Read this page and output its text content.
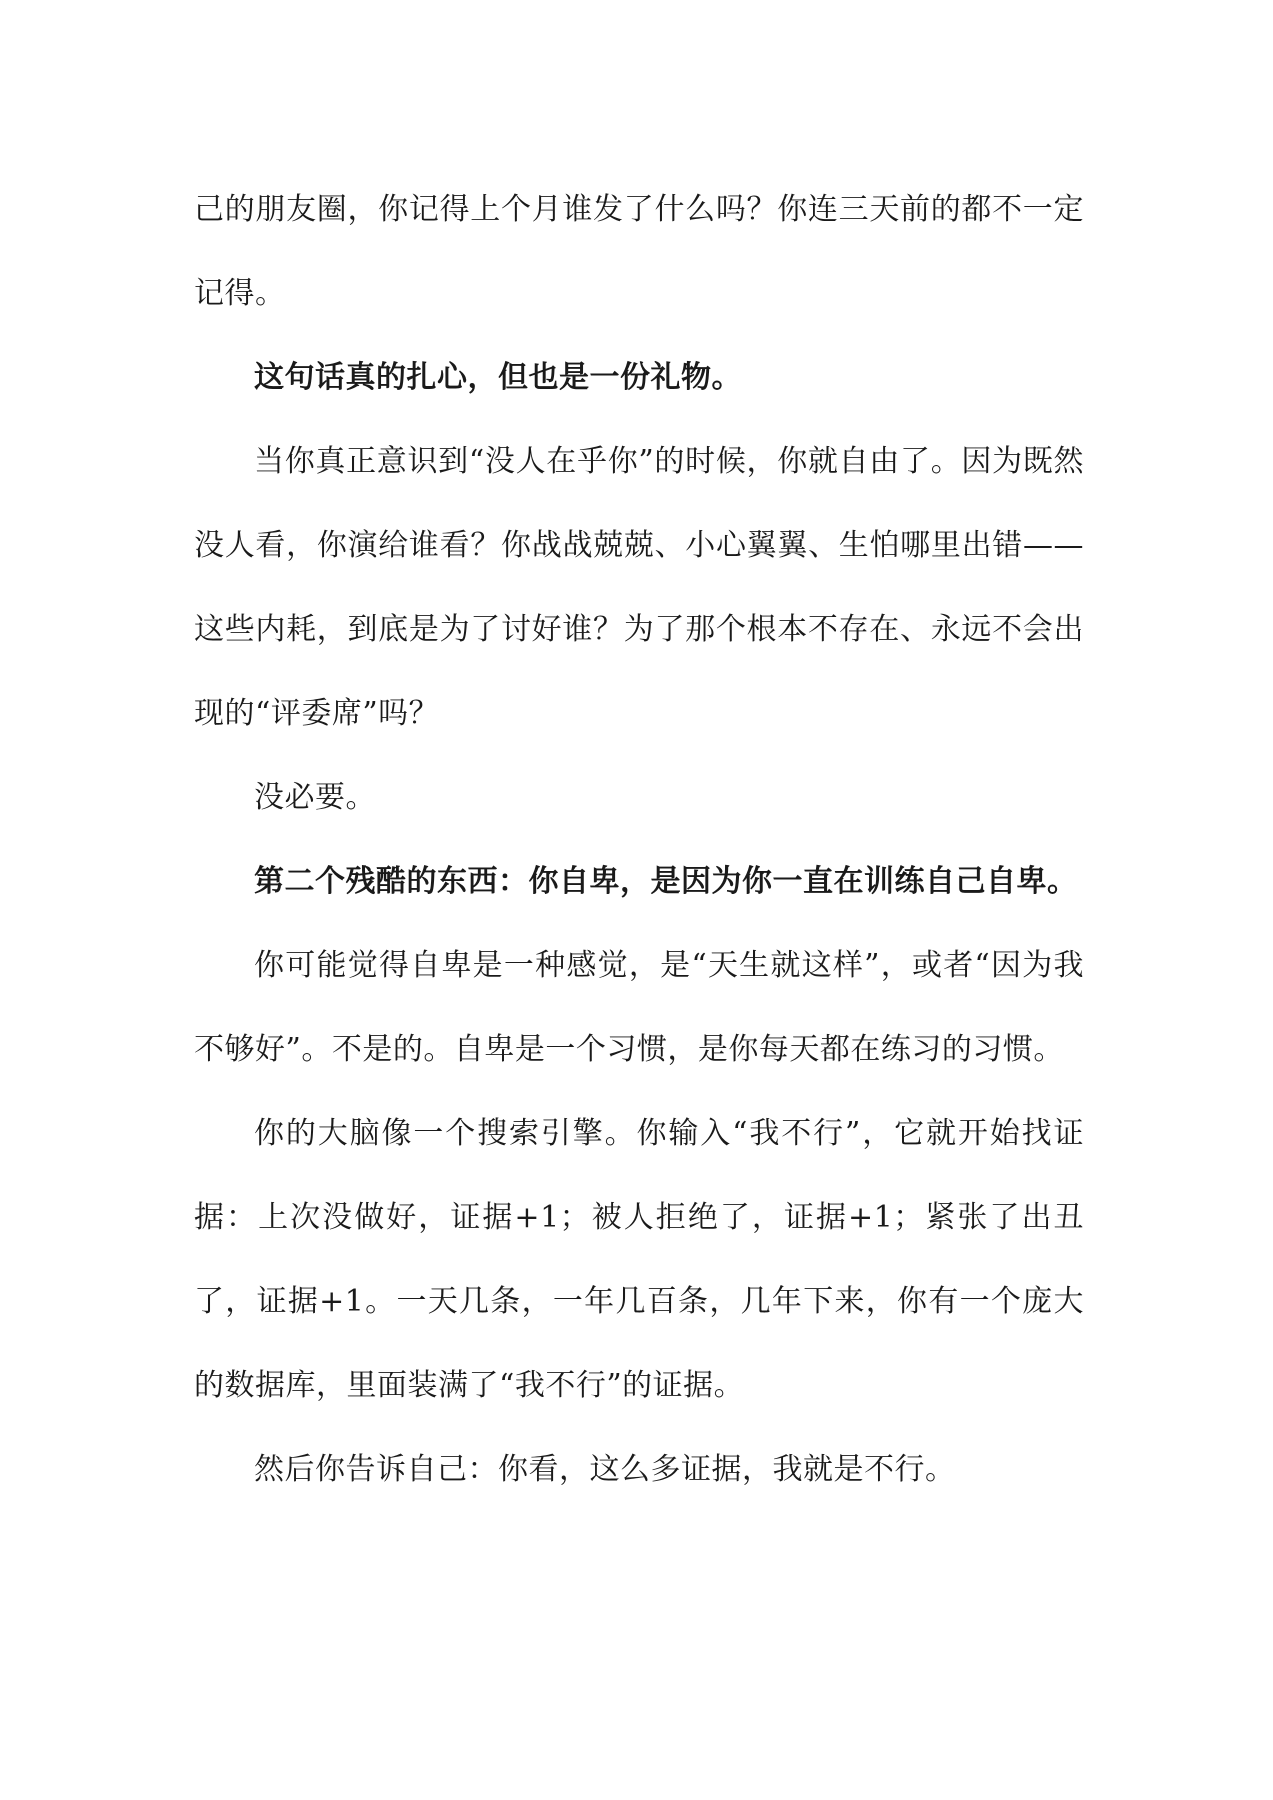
己的朋友圈，你记得上个月谁发了什么吗？你连三天前的都不一定记得。

这句话真的扎心，但也是一份礼物。

当你真正意识到“没人在乎你”的时候，你就自由了。因为既然没人看，你演给谁看？你战战兢兢、小心翼翼、生怕哪里出错——这些内耗，到底是为了讨好谁？为了那个根本不存在、永远不会出现的“评委席”吗？

没必要。

第二个残酷的东西：你自卑，是因为你一直在训练自己自卑。

你可能觉得自卑是一种感觉，是“天生就这样”，或者“因为我不够好”。不是的。自卑是一个习惯，是你每天都在练习的习惯。

你的大脑像一个搜索引擎。你输入“我不行”，它就开始找证据：上次没做好，证据+1；被人拒绝了，证据+1；紧张了出丑了，证据+1。一天几条，一年几百条，几年下来，你有一个庞大的数据库，里面装满了“我不行”的证据。

然后你告诉自己：你看，这么多证据，我就是不行。
